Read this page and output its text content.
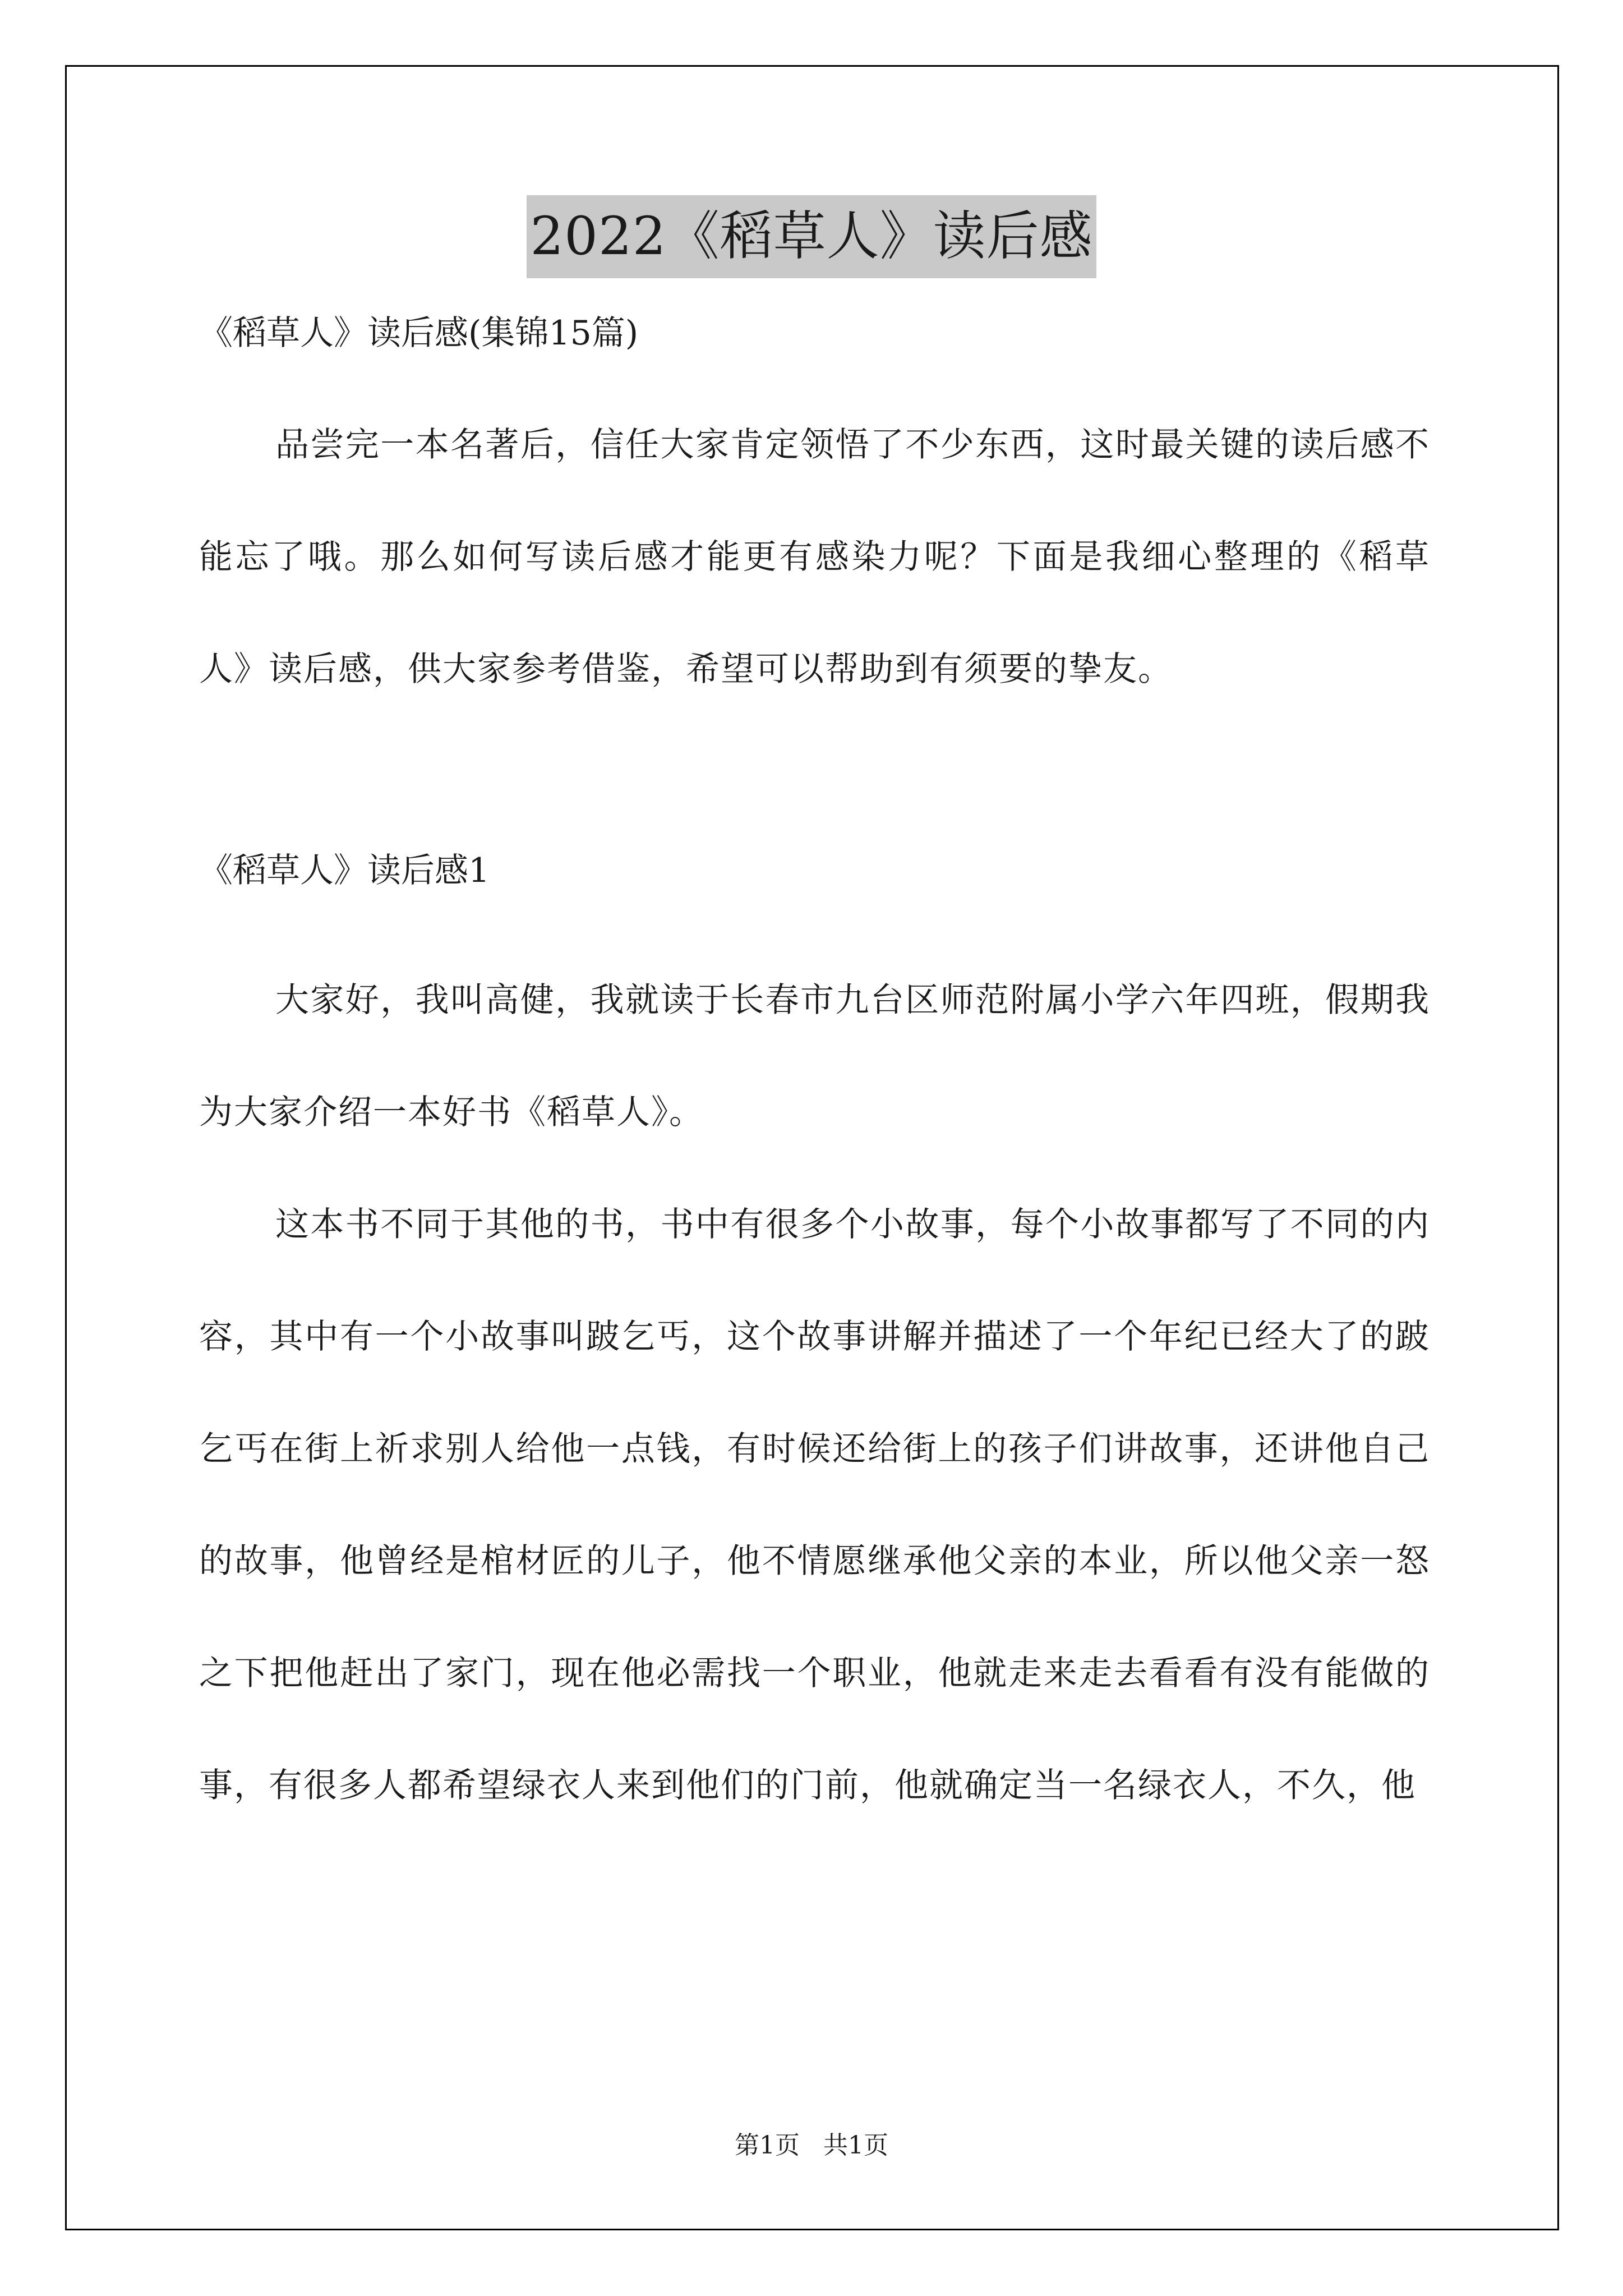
2022《稻草人》读后感

《稻草人》读后感(集锦15篇)

品尝完一本名著后，信任大家肯定领悟了不少东西，这时最关键的读后感不能忘了哦。那么如何写读后感才能更有感染力呢？下面是我细心整理的《稻草人》读后感，供大家参考借鉴，希望可以帮助到有须要的挚友。

《稻草人》读后感1

大家好，我叫高健，我就读于长春市九台区师范附属小学六年四班，假期我为大家介绍一本好书《稻草人》。

这本书不同于其他的书，书中有很多个小故事，每个小故事都写了不同的内容，其中有一个小故事叫跛乞丐，这个故事讲解并描述了一个年纪已经大了的跛乞丐在街上祈求别人给他一点钱，有时候还给街上的孩子们讲故事，还讲他自己的故事，他曾经是棺材匠的儿子，他不情愿继承他父亲的本业，所以他父亲一怒之下把他赶出了家门，现在他必需找一个职业，他就走来走去看看有没有能做的事，有很多人都希望绿衣人来到他们的门前，他就确定当一名绿衣人，不久，他

第1页   共1页
